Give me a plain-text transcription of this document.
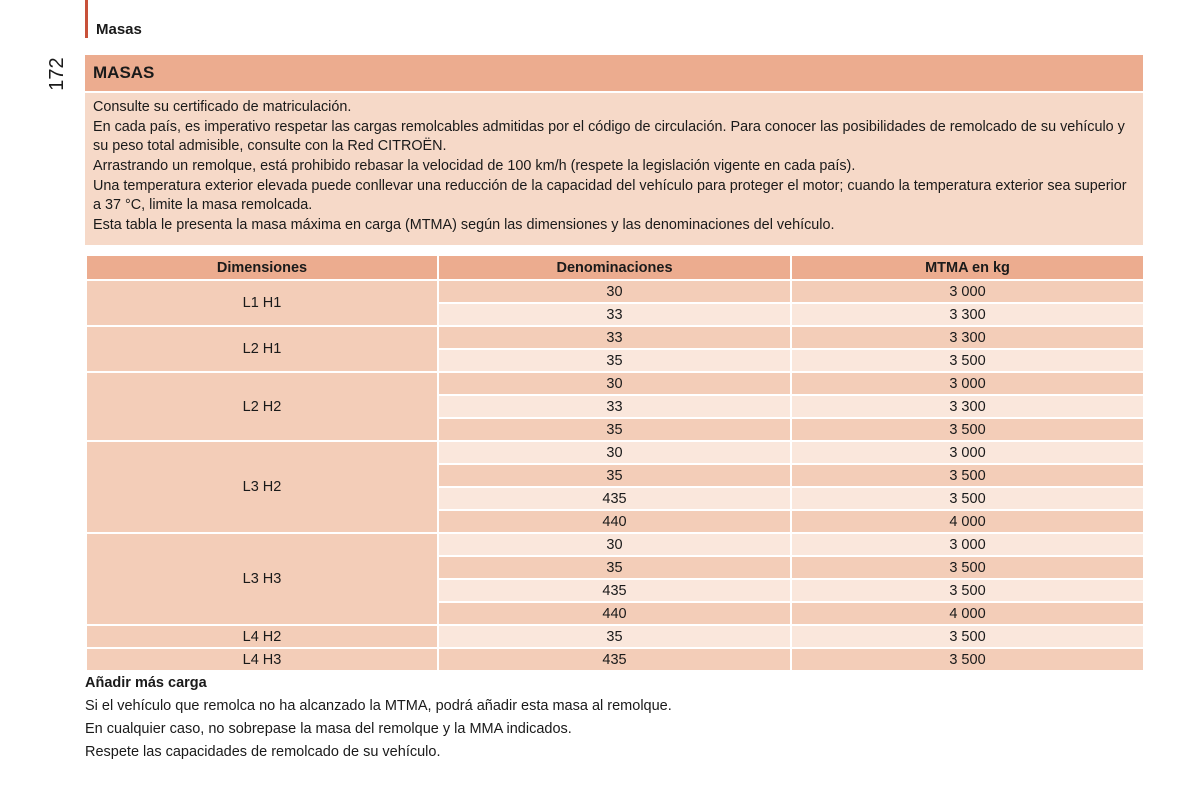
Masas
172	MASAS

Consulte su certificado de matriculación.

En cada país, es imperativo respetar las cargas remolcables admitidas por el código de circulación. Para conocer las posibilidades de remolcado de su vehículo y su peso total admisible, consulte con la Red CITROËN.

Arrastrando un remolque, está prohibido rebasar la velocidad de 100 km/h (respete la legislación vigente en cada país).

Una temperatura exterior elevada puede conllevar una reducción de la capacidad del vehículo para proteger el motor; cuando la temperatura exterior sea superior a 37 °C, limite la masa remolcada.

Esta tabla le presenta la masa máxima en carga (MTMA) según las dimensiones y las denominaciones del vehículo.

Dimensiones	Denominaciones	MTMA en kg
L1 H1	30	3 000
	33	3 300
L2 H1	33	3 300
	35	3 500
L2 H2	30	3 000
	33	3 300
	35	3 500
L3 H2	30	3 000
	35	3 500
	435	3 500
	440	4 000
L3 H3	30	3 000
	35	3 500
	435	3 500
	440	4 000
L4 H2	35	3 500
L4 H3	435	3 500
Añadir más carga

Si el vehículo que remolca no ha alcanzado la MTMA, podrá añadir esta masa al remolque.

En cualquier caso, no sobrepase la masa del remolque y la MMA indicados.

Respete las capacidades de remolcado de su vehículo.
